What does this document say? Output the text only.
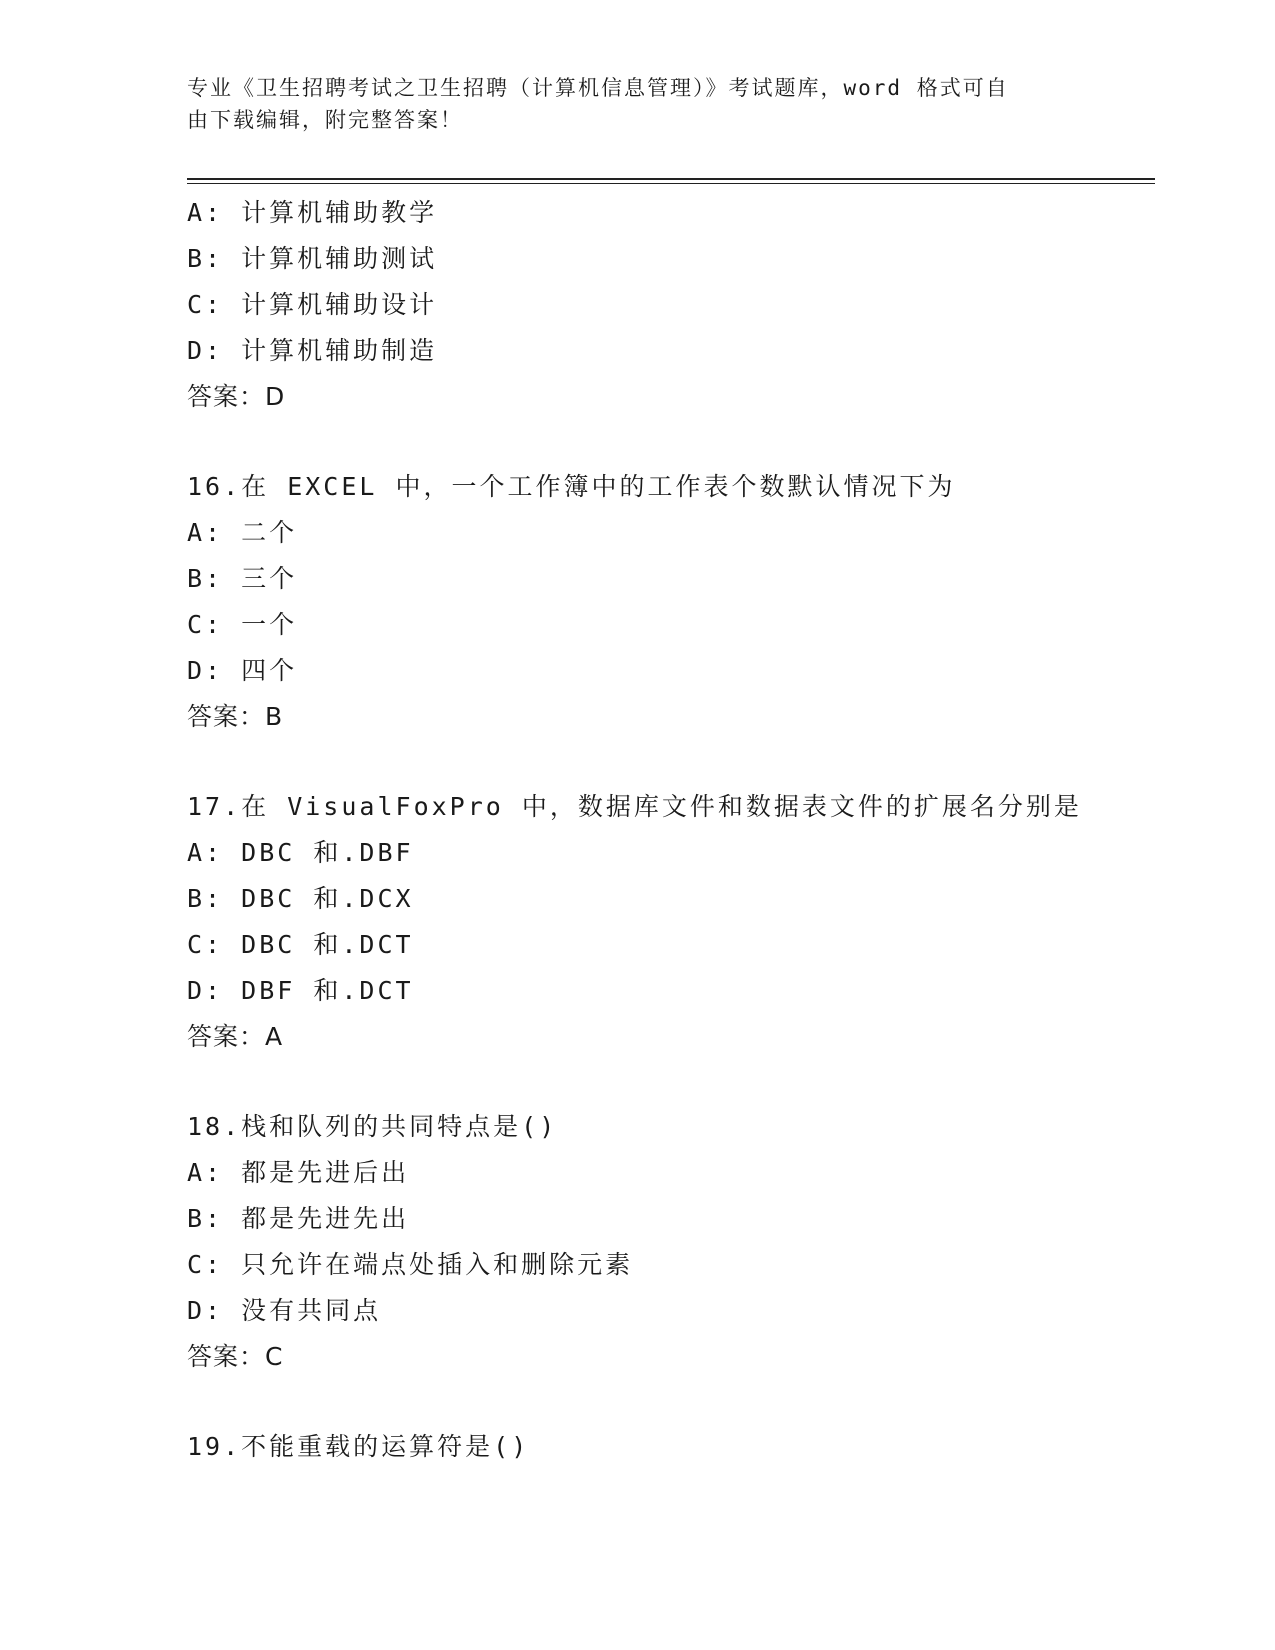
专业《卫生招聘考试之卫生招聘（计算机信息管理）》考试题库，word 格式可自
由下载编辑，附完整答案！
A: 计算机辅助教学
B: 计算机辅助测试
C: 计算机辅助设计
D: 计算机辅助制造
答案：D
16.在 EXCEL 中，一个工作簿中的工作表个数默认情况下为
A: 二个
B: 三个
C: 一个
D: 四个
答案：B
17.在 VisualFoxPro 中，数据库文件和数据表文件的扩展名分别是
A: DBC 和.DBF
B: DBC 和.DCX
C: DBC 和.DCT
D: DBF 和.DCT
答案：A
18.栈和队列的共同特点是()
A: 都是先进后出
B: 都是先进先出
C: 只允许在端点处插入和删除元素
D: 没有共同点
答案：C
19.不能重载的运算符是()
